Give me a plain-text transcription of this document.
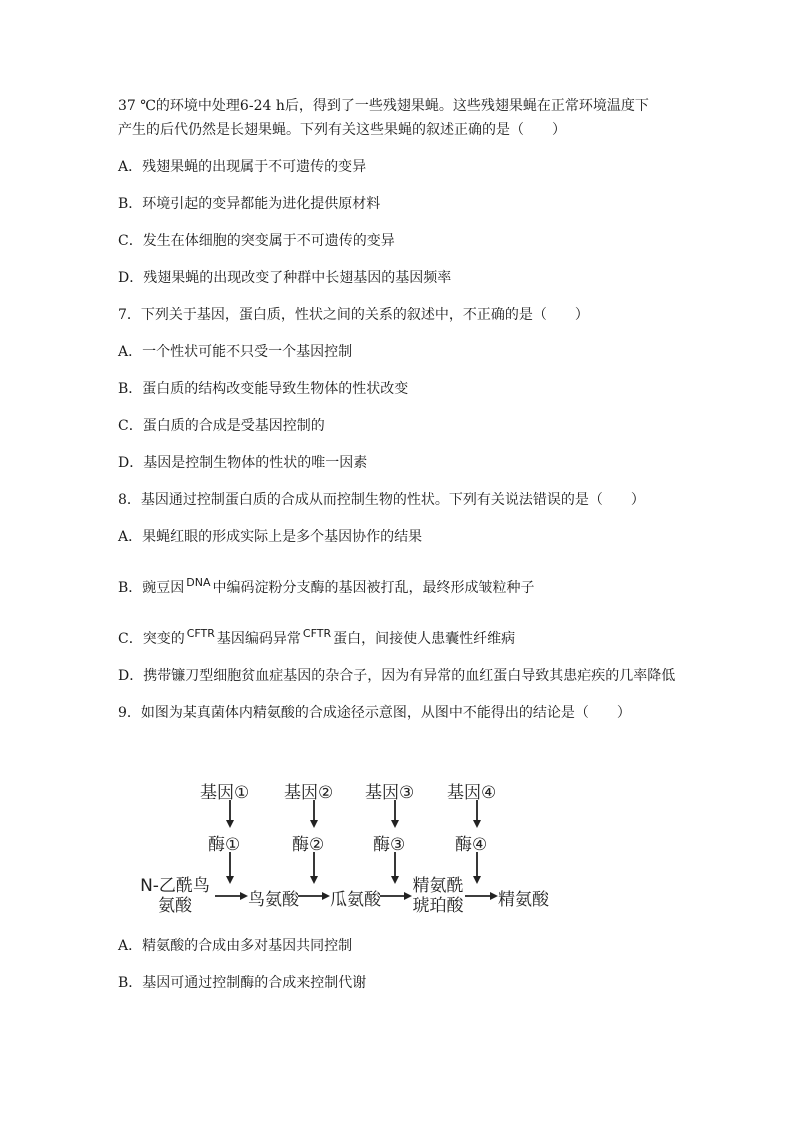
37 ℃的环境中处理6-24 h后，得到了一些残翅果蝇。这些残翅果蝇在正常环境温度下

产生的后代仍然是长翅果蝇。下列有关这些果蝇的叙述正确的是（　　）

A．残翅果蝇的出现属于不可遗传的变异

B．环境引起的变异都能为进化提供原材料

C．发生在体细胞的突变属于不可遗传的变异

D．残翅果蝇的出现改变了种群中长翅基因的基因频率

7．下列关于基因，蛋白质，性状之间的关系的叙述中，不正确的是（　　）

A．一个性状可能不只受一个基因控制

B．蛋白质的结构改变能导致生物体的性状改变

C．蛋白质的合成是受基因控制的

D．基因是控制生物体的性状的唯一因素

8．基因通过控制蛋白质的合成从而控制生物的性状。下列有关说法错误的是（　　）

A．果蝇红眼的形成实际上是多个基因协作的结果

B．豌豆因 $^{DNA}$ 中编码淀粉分支酶的基因被打乱，最终形成皱粒种子

C．突变的 $^{CFTR}$ 基因编码异常 $^{CFTR}$ 蛋白，间接使人患囊性纤维病

D．携带镰刀型细胞贫血症基因的杂合子，因为有异常的血红蛋白导致其患疟疾的几率降低

9．如图为某真菌体内精氨酸的合成途径示意图，从图中不能得出的结论是（　　）

基因① 基因② 基因③ 基因④
酶①	酶②	酶③	酶④
N-乙酰鸟
氨酸	鸟氨酸 瓜氨酸
精氨酰
琥珀酸 精氨酸

A．精氨酸的合成由多对基因共同控制

B．基因可通过控制酶的合成来控制代谢
